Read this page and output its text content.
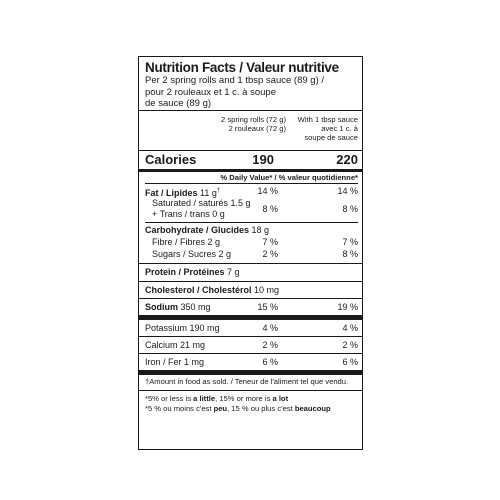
Nutrition Facts / Valeur nutritive
Per 2 spring rolls and 1 tbsp sauce (89 g) /
pour 2 rouleaux et 1 c. à soupe
de sauce (89 g)
2 spring rolls (72 g)
2 rouleaux (72 g)
With 1 tbsp sauce
avec 1 c. à
soupe de sauce
Calories	190	220
% Daily Value* / % valeur quotidienne*
Fat / Lipides 11 g†	14 %	14 %
Saturated / saturés 1.5 g
+ Trans / trans 0 g	8 %	8 %
Carbohydrate / Glucides 18 g
Fibre / Fibres 2 g	7 %	7 %
Sugars / Sucres 2 g	2 %	8 %
Protein / Protéines 7 g
Cholesterol / Cholestérol 10 mg
Sodium 350 mg	15 %	19 %
Potassium 190 mg	4 %	4 %
Calcium 21 mg	2 %	2 %
Iron / Fer 1 mg	6 %	6 %
†Amount in food as sold. / Teneur de l'aliment tel que vendu.
*5% or less is a little, 15% or more is a lot
*5 % ou moins c'est peu, 15 % ou plus c'est beaucoup
